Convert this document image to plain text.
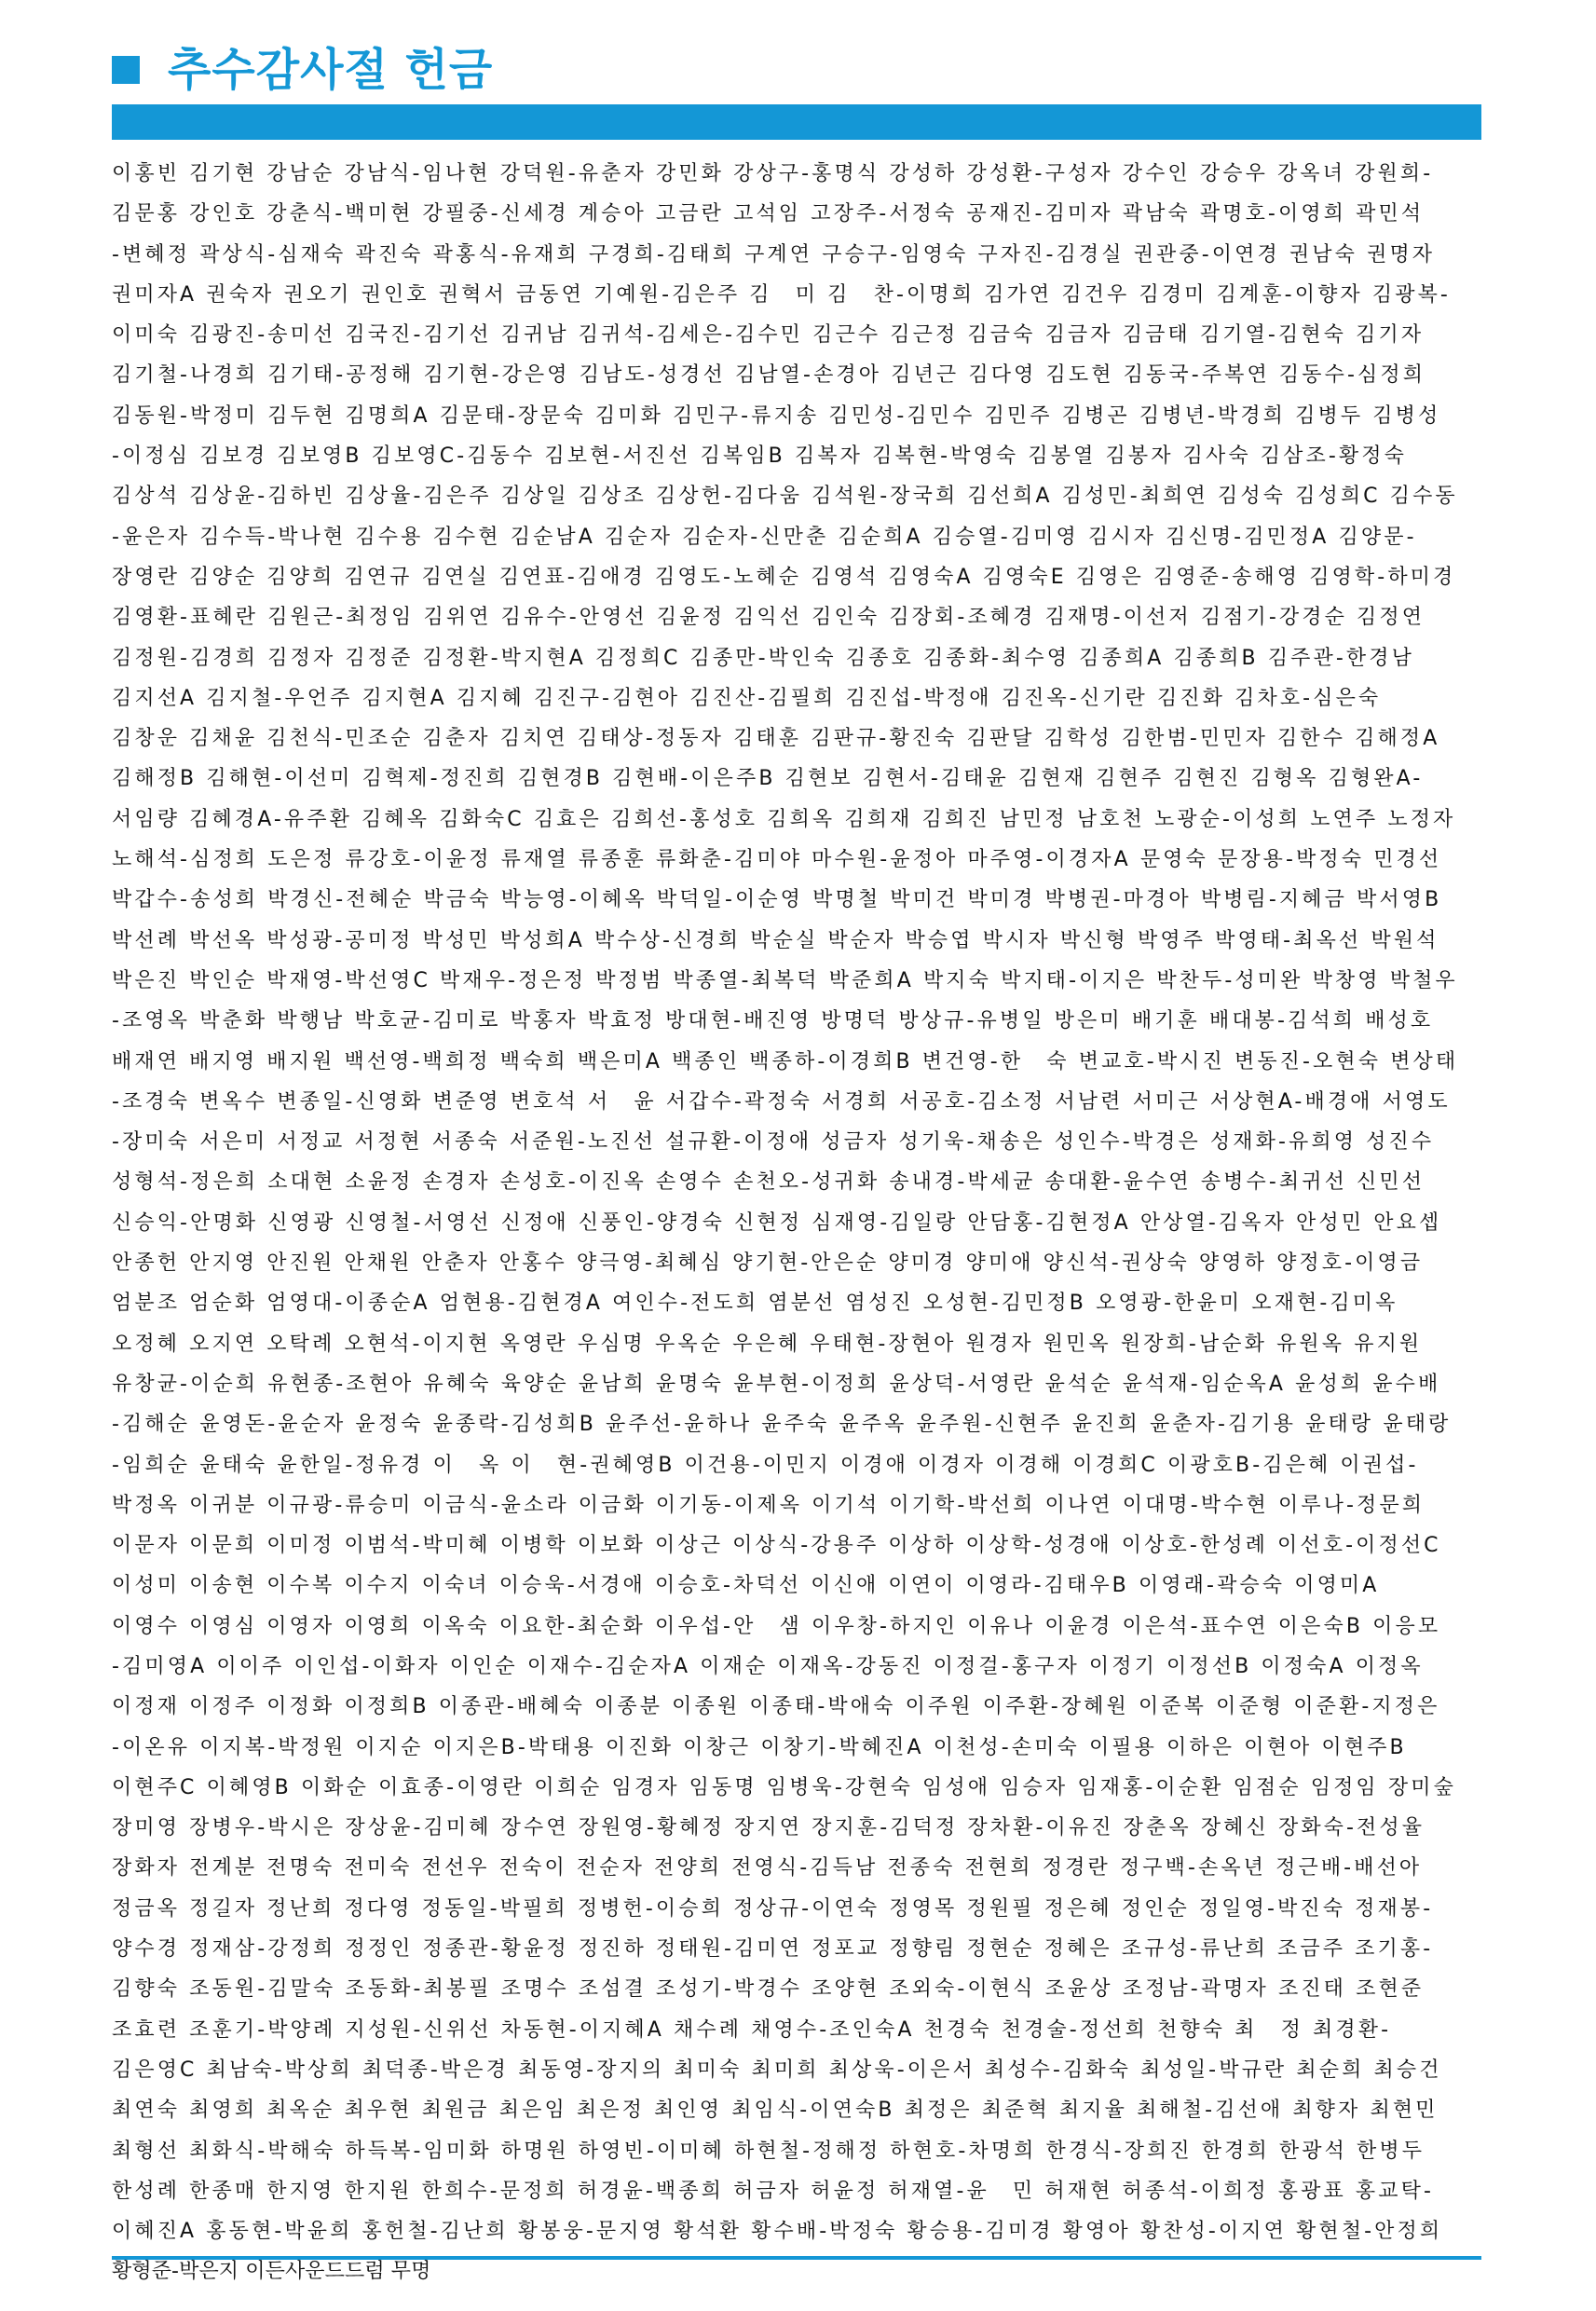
추수감사절 헌금
이홍빈 김기현 강남순 강남식-임나현 강덕원-유춘자 강민화 강상구-홍명식 강성하 강성환-구성자 강수인 강승우 강옥녀 강원희-
김문홍 강인호 강춘식-백미현 강필중-신세경 계승아 고금란 고석임 고장주-서정숙 공재진-김미자 곽남숙 곽명호-이영희 곽민석
-변혜정 곽상식-심재숙 곽진숙 곽홍식-유재희 구경희-김태희 구계연 구승구-임영숙 구자진-김경실 권관중-이연경 권남숙 권명자
권미자A 권숙자 권오기 권인호 권혁서 금동연 기예원-김은주 김　미 김　찬-이명희 김가연 김건우 김경미 김계훈-이향자 김광복-
이미숙 김광진-송미선 김국진-김기선 김귀남 김귀석-김세은-김수민 김근수 김근정 김금숙 김금자 김금태 김기열-김현숙 김기자
김기철-나경희 김기태-공정해 김기현-강은영 김남도-성경선 김남열-손경아 김년근 김다영 김도현 김동국-주복연 김동수-심정희
김동원-박정미 김두현 김명희A 김문태-장문숙 김미화 김민구-류지송 김민성-김민수 김민주 김병곤 김병년-박경희 김병두 김병성
-이정심 김보경 김보영B 김보영C-김동수 김보현-서진선 김복임B 김복자 김복현-박영숙 김봉열 김봉자 김사숙 김삼조-황정숙
김상석 김상윤-김하빈 김상율-김은주 김상일 김상조 김상헌-김다움 김석원-장국희 김선희A 김성민-최희연 김성숙 김성희C 김수동
-윤은자 김수득-박나현 김수용 김수현 김순남A 김순자 김순자-신만춘 김순희A 김승열-김미영 김시자 김신명-김민정A 김양문-
장영란 김양순 김양희 김연규 김연실 김연표-김애경 김영도-노혜순 김영석 김영숙A 김영숙E 김영은 김영준-송해영 김영학-하미경
김영환-표혜란 김원근-최정임 김위연 김유수-안영선 김윤정 김익선 김인숙 김장회-조혜경 김재명-이선저 김점기-강경순 김정연
김정원-김경희 김정자 김정준 김정환-박지현A 김정희C 김종만-박인숙 김종호 김종화-최수영 김종희A 김종희B 김주관-한경남
김지선A 김지철-우언주 김지현A 김지혜 김진구-김현아 김진산-김필희 김진섭-박정애 김진옥-신기란 김진화 김차호-심은숙
김창운 김채윤 김천식-민조순 김춘자 김치연 김태상-정동자 김태훈 김판규-황진숙 김판달 김학성 김한범-민민자 김한수 김해정A
김해정B 김해현-이선미 김혁제-정진희 김현경B 김현배-이은주B 김현보 김현서-김태윤 김현재 김현주 김현진 김형옥 김형완A-
서임량 김혜경A-유주환 김혜옥 김화숙C 김효은 김희선-홍성호 김희옥 김희재 김희진 남민정 남호천 노광순-이성희 노연주 노정자
노해석-심정희 도은정 류강호-이윤정 류재열 류종훈 류화춘-김미야 마수원-윤정아 마주영-이경자A 문영숙 문장용-박정숙 민경선
박갑수-송성희 박경신-전혜순 박금숙 박능영-이혜옥 박덕일-이순영 박명철 박미건 박미경 박병권-마경아 박병림-지혜금 박서영B
박선례 박선옥 박성광-공미정 박성민 박성희A 박수상-신경희 박순실 박순자 박승엽 박시자 박신형 박영주 박영태-최옥선 박원석
박은진 박인순 박재영-박선영C 박재우-정은정 박정범 박종열-최복덕 박준희A 박지숙 박지태-이지은 박찬두-성미완 박창영 박철우
-조영옥 박춘화 박행남 박호균-김미로 박홍자 박효정 방대현-배진영 방명덕 방상규-유병일 방은미 배기훈 배대봉-김석희 배성호
배재연 배지영 배지원 백선영-백희정 백숙희 백은미A 백종인 백종하-이경희B 변건영-한　숙 변교호-박시진 변동진-오현숙 변상태
-조경숙 변옥수 변종일-신영화 변준영 변호석 서　윤 서갑수-곽정숙 서경희 서공호-김소정 서남련 서미근 서상현A-배경애 서영도
-장미숙 서은미 서정교 서정현 서종숙 서준원-노진선 설규환-이정애 성금자 성기욱-채송은 성인수-박경은 성재화-유희영 성진수
성형석-정은희 소대현 소윤정 손경자 손성호-이진옥 손영수 손천오-성귀화 송내경-박세균 송대환-윤수연 송병수-최귀선 신민선
신승익-안명화 신영광 신영철-서영선 신정애 신풍인-양경숙 신현정 심재영-김일랑 안담홍-김현정A 안상열-김옥자 안성민 안요셉
안종헌 안지영 안진원 안채원 안춘자 안홍수 양극영-최혜심 양기현-안은순 양미경 양미애 양신석-권상숙 양영하 양정호-이영금
엄분조 엄순화 엄영대-이종순A 엄현용-김현경A 여인수-전도희 염분선 염성진 오성현-김민정B 오영광-한윤미 오재현-김미옥
오정혜 오지연 오탁례 오현석-이지현 옥영란 우심명 우옥순 우은혜 우태현-장현아 원경자 원민옥 원장희-남순화 유원옥 유지원
유창균-이순희 유현종-조현아 유혜숙 육양순 윤남희 윤명숙 윤부현-이정희 윤상덕-서영란 윤석순 윤석재-임순옥A 윤성희 윤수배
-김해순 윤영돈-윤순자 윤정숙 윤종락-김성희B 윤주선-윤하나 윤주숙 윤주옥 윤주원-신현주 윤진희 윤춘자-김기용 윤태랑 윤태랑
-임희순 윤태숙 윤한일-정유경 이　옥 이　현-권혜영B 이건용-이민지 이경애 이경자 이경해 이경희C 이광호B-김은혜 이권섭-
박정옥 이귀분 이규광-류승미 이금식-윤소라 이금화 이기동-이제옥 이기석 이기학-박선희 이나연 이대명-박수현 이루나-정문희
이문자 이문희 이미정 이범석-박미혜 이병학 이보화 이상근 이상식-강용주 이상하 이상학-성경애 이상호-한성례 이선호-이정선C
이성미 이송현 이수복 이수지 이숙녀 이승욱-서경애 이승호-차덕선 이신애 이연이 이영라-김태우B 이영래-곽승숙 이영미A
이영수 이영심 이영자 이영희 이옥숙 이요한-최순화 이우섭-안　샘 이우창-하지인 이유나 이윤경 이은석-표수연 이은숙B 이응모
-김미영A 이이주 이인섭-이화자 이인순 이재수-김순자A 이재순 이재옥-강동진 이정걸-홍구자 이정기 이정선B 이정숙A 이정옥
이정재 이정주 이정화 이정희B 이종관-배혜숙 이종분 이종원 이종태-박애숙 이주원 이주환-장혜원 이준복 이준형 이준환-지정은
-이온유 이지복-박정원 이지순 이지은B-박태용 이진화 이창근 이창기-박혜진A 이천성-손미숙 이필용 이하은 이현아 이현주B
이현주C 이혜영B 이화순 이효종-이영란 이희순 임경자 임동명 임병욱-강현숙 임성애 임승자 임재홍-이순환 임점순 임정임 장미숲
장미영 장병우-박시은 장상윤-김미혜 장수연 장원영-황혜정 장지연 장지훈-김덕정 장차환-이유진 장춘옥 장혜신 장화숙-전성율
장화자 전계분 전명숙 전미숙 전선우 전숙이 전순자 전양희 전영식-김득남 전종숙 전현희 정경란 정구백-손옥년 정근배-배선아
정금옥 정길자 정난희 정다영 정동일-박필희 정병헌-이승희 정상규-이연숙 정영목 정원필 정은혜 정인순 정일영-박진숙 정재봉-
양수경 정재삼-강정희 정정인 정종관-황윤정 정진하 정태원-김미연 정포교 정향림 정현순 정혜은 조규성-류난희 조금주 조기홍-
김향숙 조동원-김말숙 조동화-최봉필 조명수 조섬결 조성기-박경수 조양현 조외숙-이현식 조윤상 조정남-곽명자 조진태 조현준
조효련 조훈기-박양례 지성원-신위선 차동현-이지혜A 채수례 채영수-조인숙A 천경숙 천경술-정선희 천향숙 최　정 최경환-
김은영C 최남숙-박상희 최덕종-박은경 최동영-장지의 최미숙 최미희 최상욱-이은서 최성수-김화숙 최성일-박규란 최순희 최승건
최연숙 최영희 최옥순 최우현 최원금 최은임 최은정 최인영 최임식-이연숙B 최정은 최준혁 최지율 최해철-김선애 최향자 최현민
최형선 최화식-박해숙 하득복-임미화 하명원 하영빈-이미혜 하현철-정해정 하현호-차명희 한경식-장희진 한경희 한광석 한병두
한성례 한종매 한지영 한지원 한희수-문정희 허경윤-백종희 허금자 허윤정 허재열-윤　민 허재현 허종석-이희정 홍광표 홍교탁-
이혜진A 홍동현-박윤희 홍헌철-김난희 황봉웅-문지영 황석환 황수배-박정숙 황승용-김미경 황영아 황찬성-이지연 황현철-안정희
황형준-박은지 이든사운드드럼 무명
